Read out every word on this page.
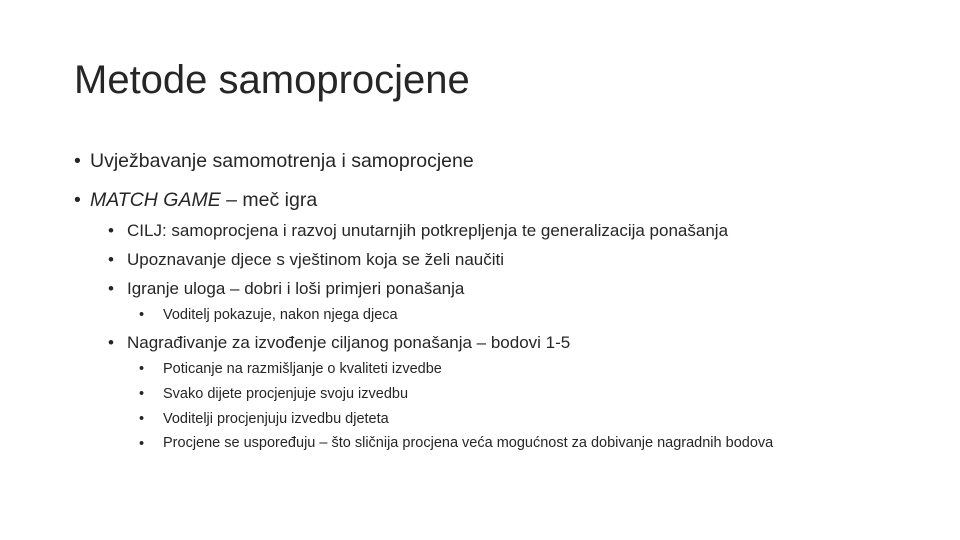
Metode samoprocjene
• Uvježbavanje samomotrenja i samoprocjene
• MATCH GAME – meč igra
• CILJ: samoprocjena i razvoj unutarnjih potkrepljenja te generalizacija ponašanja
• Upoznavanje djece s vještinom koja se želi naučiti
• Igranje uloga – dobri i loši primjeri ponašanja
•	Voditelj pokazuje, nakon njega djeca
• Nagrađivanje za izvođenje ciljanog ponašanja – bodovi 1-5
•	Poticanje na razmišljanje o kvaliteti izvedbe
•	Svako dijete procjenjuje svoju izvedbu
•	Voditelji procjenjuju izvedbu djeteta
•	Procjene se uspoređuju – što sličnija procjena veća mogućnost za dobivanje nagradnih bodova
